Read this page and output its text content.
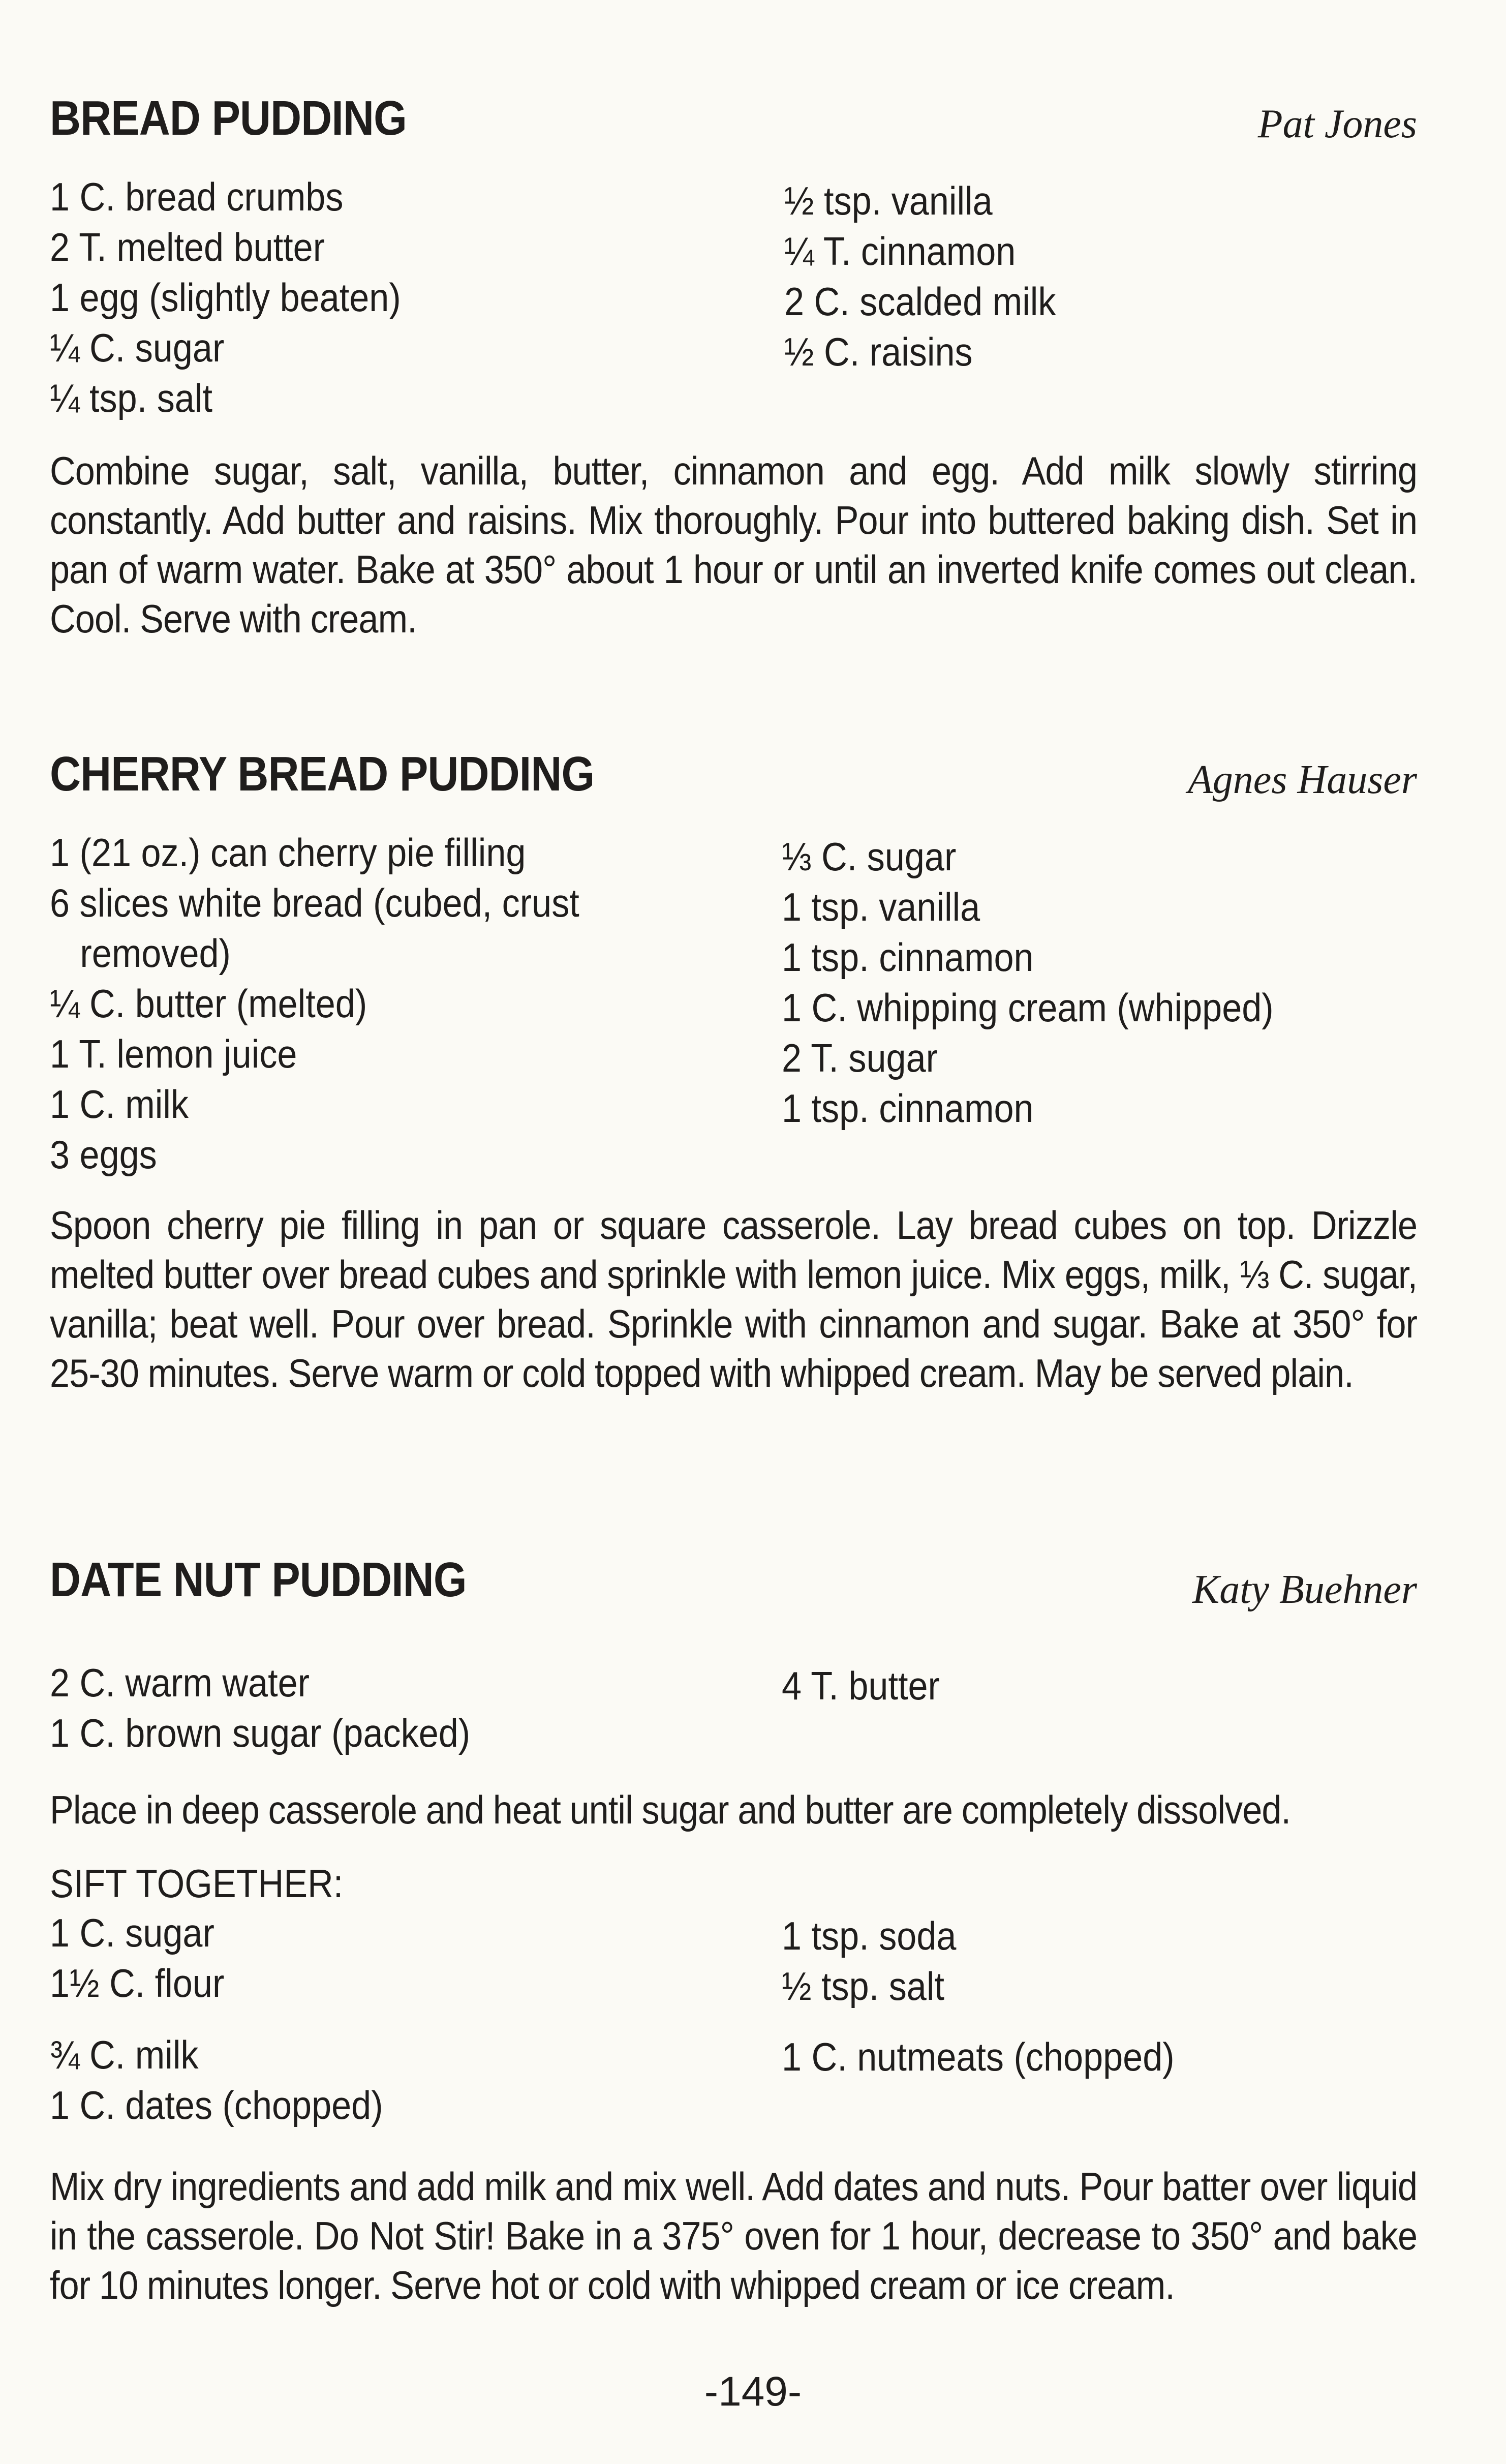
BREAD PUDDING	Pat Jones
1 C. bread crumbs
2 T. melted butter
1 egg (slightly beaten)
¼ C. sugar
¼ tsp. salt
½ tsp. vanilla
¼ T. cinnamon
2 C. scalded milk
½ C. raisins
Combine sugar, salt, vanilla, butter, cinnamon and egg. Add milk slowly stirring constantly. Add butter and raisins. Mix thoroughly. Pour into buttered baking dish. Set in pan of warm water. Bake at 350° about 1 hour or until an inverted knife comes out clean. Cool. Serve with cream.
CHERRY BREAD PUDDING	Agnes Hauser
1 (21 oz.) can cherry pie filling
6 slices white bread (cubed, crust
removed)
¼ C. butter (melted)
1 T. lemon juice
1 C. milk
3 eggs
⅓ C. sugar
1 tsp. vanilla
1 tsp. cinnamon
1 C. whipping cream (whipped)
2 T. sugar
1 tsp. cinnamon
Spoon cherry pie filling in pan or square casserole. Lay bread cubes on top. Drizzle melted butter over bread cubes and sprinkle with lemon juice. Mix eggs, milk, ⅓ C. sugar, vanilla; beat well. Pour over bread. Sprinkle with cinnamon and sugar. Bake at 350° for 25-30 minutes. Serve warm or cold topped with whipped cream. May be served plain.
DATE NUT PUDDING	Katy Buehner
2 C. warm water
1 C. brown sugar (packed)
4 T. butter
Place in deep casserole and heat until sugar and butter are completely dissolved.
SIFT TOGETHER:
1 C. sugar
1½ C. flour
1 tsp. soda
½ tsp. salt
¾ C. milk
1 C. dates (chopped)
1 C. nutmeats (chopped)
Mix dry ingredients and add milk and mix well. Add dates and nuts. Pour batter over liquid in the casserole. Do Not Stir! Bake in a 375° oven for 1 hour, decrease to 350° and bake for 10 minutes longer. Serve hot or cold with whipped cream or ice cream.
-149-
